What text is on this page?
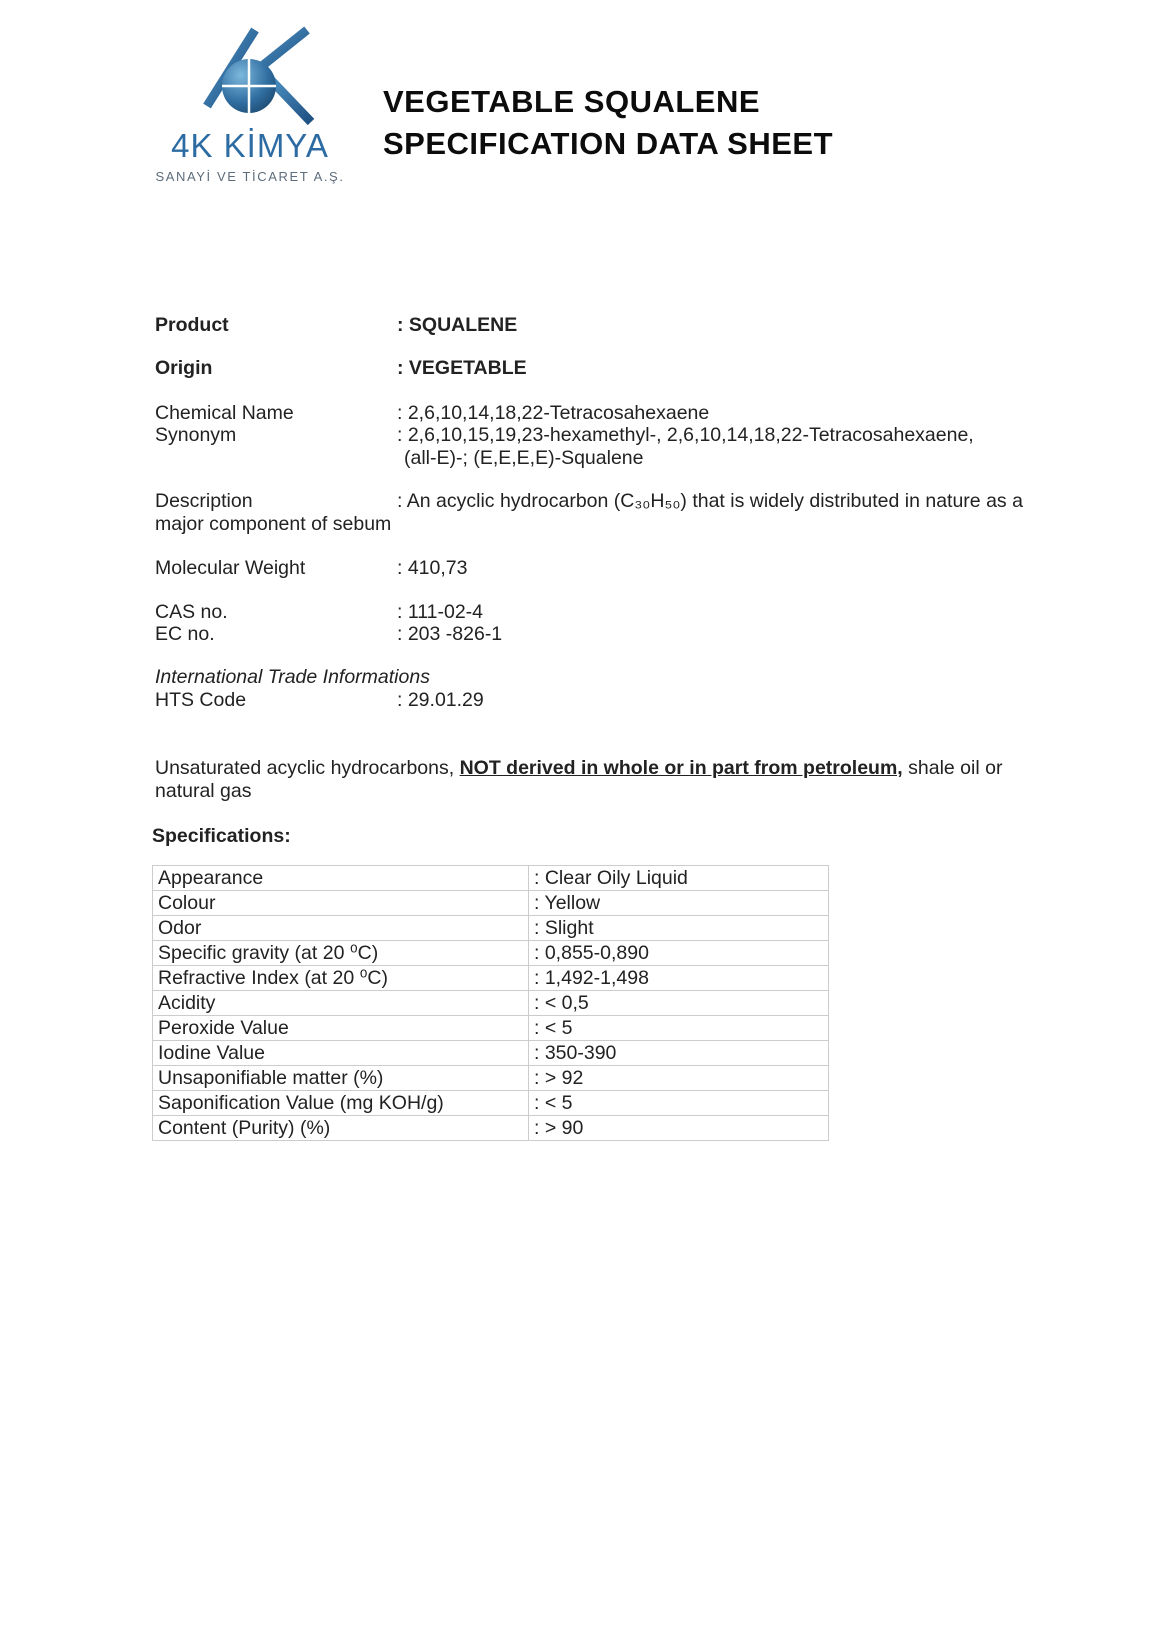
4K KİMYA
SANAYİ VE TİCARET A.Ş.
VEGETABLE SQUALENE
SPECIFICATION DATA SHEET
Product	: SQUALENE
Origin	: VEGETABLE
Chemical Name	: 2,6,10,14,18,22-Tetracosahexaene
Synonym	: 2,6,10,15,19,23-hexamethyl-, 2,6,10,14,18,22-Tetracosahexaene,
(all-E)-; (E,E,E,E)-Squalene
Description	: An acyclic hydrocarbon (C₃₀H₅₀) that is widely distributed in nature as a
major component of sebum
Molecular Weight	: 410,73
CAS no.	: 111-02-4
EC no.	: 203 -826-1
International Trade Informations
HTS Code	: 29.01.29
Unsaturated acyclic hydrocarbons, NOT derived in whole or in part from petroleum, shale oil or
natural gas
Specifications:
Appearance	: Clear Oily Liquid
Colour	: Yellow
Odor	: Slight
Specific gravity (at 20 ⁰C)	: 0,855-0,890
Refractive Index (at 20 ⁰C)	: 1,492-1,498
Acidity	: < 0,5
Peroxide Value	: < 5
Iodine Value	: 350-390
Unsaponifiable matter (%)	: > 92
Saponification Value (mg KOH/g)	: < 5
Content (Purity) (%)	: > 90
